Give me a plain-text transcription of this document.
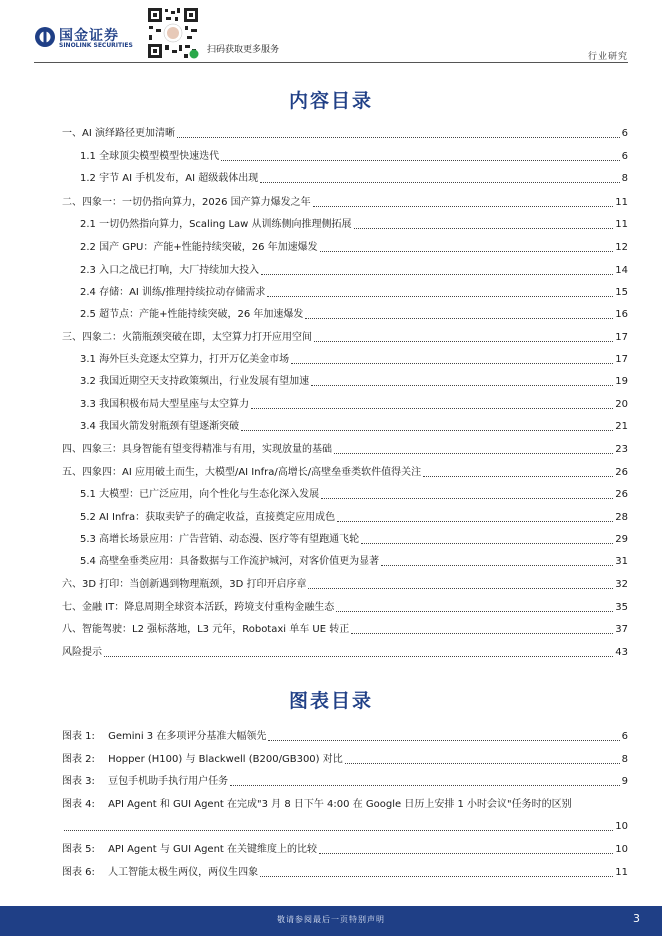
国金证券
SINOLINK SECURITIES	扫码获取更多服务
行业研究
内容目录
图表目录
一、AI 演绎路径更加清晰	6
1.1 全球顶尖模型模型快速迭代	6
1.2 宇节 AI 手机发布，AI 超级载体出现	8
二、四象一：一切仍指向算力，2026 国产算力爆发之年	11
2.1 一切仍然指向算力，Scaling Law 从训练侧向推理侧拓展	11
2.2 国产 GPU：产能+性能持续突破，26 年加速爆发	12
2.3 入口之战已打响，大厂持续加大投入	14
2.4 存储：AI 训练/推理持续拉动存储需求	15
2.5 超节点：产能+性能持续突破，26 年加速爆发	16
三、四象二：火箭瓶颈突破在即，太空算力打开应用空间	17
3.1 海外巨头竞逐太空算力，打开万亿美金市场	17
3.2 我国近期空天支持政策频出，行业发展有望加速	19
3.3 我国积极布局大型星座与太空算力	20
3.4 我国火箭发射瓶颈有望逐渐突破	21
四、四象三：具身智能有望变得精准与有用，实现放量的基础	23
五、四象四：AI 应用破土而生，大模型/AI Infra/高增长/高壁垒垂类软件值得关注	26
5.1 大模型：已广泛应用，向个性化与生态化深入发展	26
5.2 AI Infra：获取卖铲子的确定收益，直接奠定应用成色	28
5.3 高增长场景应用：广告营销、动态漫、医疗等有望跑通飞轮	29
5.4 高壁垒垂类应用：具备数据与工作流护城河，对客价值更为显著	31
六、3D 打印：当创新遇到物理瓶颈，3D 打印开启序章	32
七、金融 IT：降息周期全球资本活跃，跨境支付重构金融生态	35
八、智能驾驶：L2 强标落地，L3 元年，Robotaxi 单车 UE 转正	37
风险提示	43
图表 1:　 Gemini 3 在多项评分基准大幅领先	6
图表 2:　 Hopper (H100) 与 Blackwell (B200/GB300) 对比	8
图表 3:　 豆包手机助手执行用户任务	9
图表 4:　 API Agent 和 GUI Agent 在完成"3 月 8 日下午 4:00 在 Google 日历上安排 1 小时会议"任务时的区别
10
图表 5:　 API Agent 与 GUI Agent 在关键维度上的比较	10
图表 6:　 人工智能太极生两仪，两仪生四象	11
敬请参阅最后一页特别声明	3
